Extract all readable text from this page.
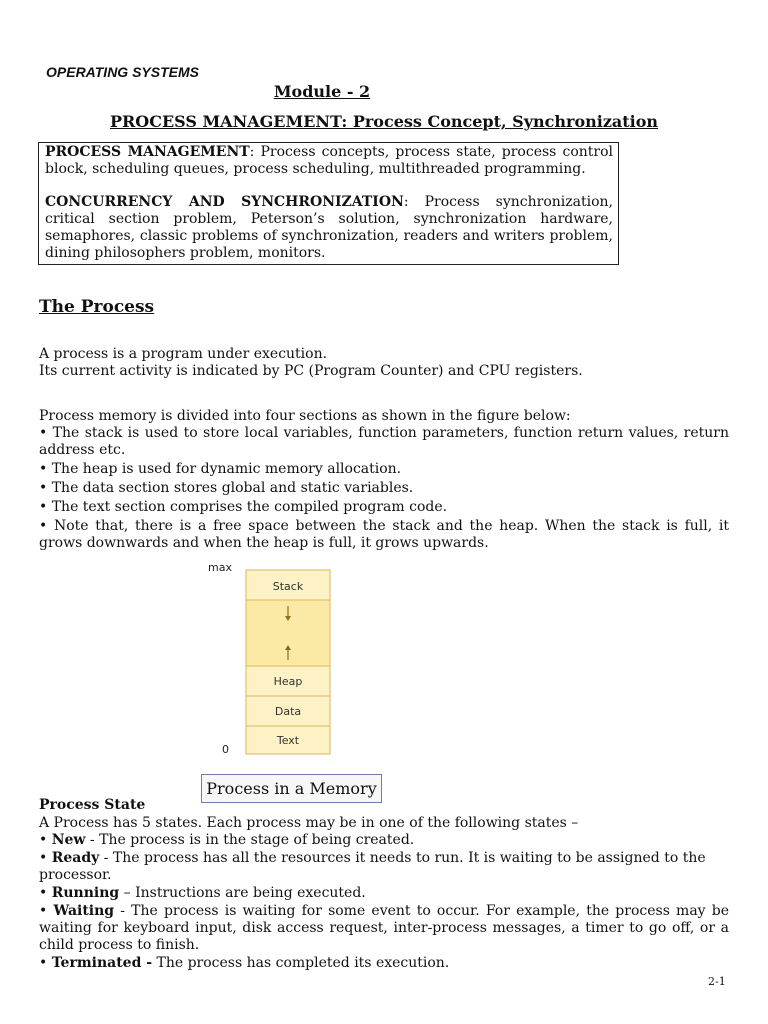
OPERATING SYSTEMS
Module - 2
PROCESS MANAGEMENT: Process Concept, Synchronization

PROCESS MANAGEMENT: Process concepts, process state, process control block, scheduling queues, process scheduling, multithreaded programming.

CONCURRENCY AND SYNCHRONIZATION: Process synchronization, critical section problem, Peterson’s solution, synchronization hardware, semaphores, classic problems of synchronization, readers and writers problem, dining philosophers problem, monitors.

The Process

A process is a program under execution.

Its current activity is indicated by PC (Program Counter) and CPU registers.

Process memory is divided into four sections as shown in the figure below:

• The stack is used to store local variables, function parameters, function return values, return address etc.

• The heap is used for dynamic memory allocation.

• The data section stores global and static variables.

• The text section comprises the compiled program code.

• Note that, there is a free space between the stack and the heap. When the stack is full, it grows downwards and when the heap is full, it grows upwards.

max
0
Stack
Heap
Data
Text
Process in a Memory
Process State

A Process has 5 states. Each process may be in one of the following states –

• New - The process is in the stage of being created.

• Ready - The process has all the resources it needs to run. It is waiting to be assigned to the processor.

• Running – Instructions are being executed.

• Waiting - The process is waiting for some event to occur. For example, the process may be waiting for keyboard input, disk access request, inter-process messages, a timer to go off, or a child process to finish.

• Terminated - The process has completed its execution.

2-1
